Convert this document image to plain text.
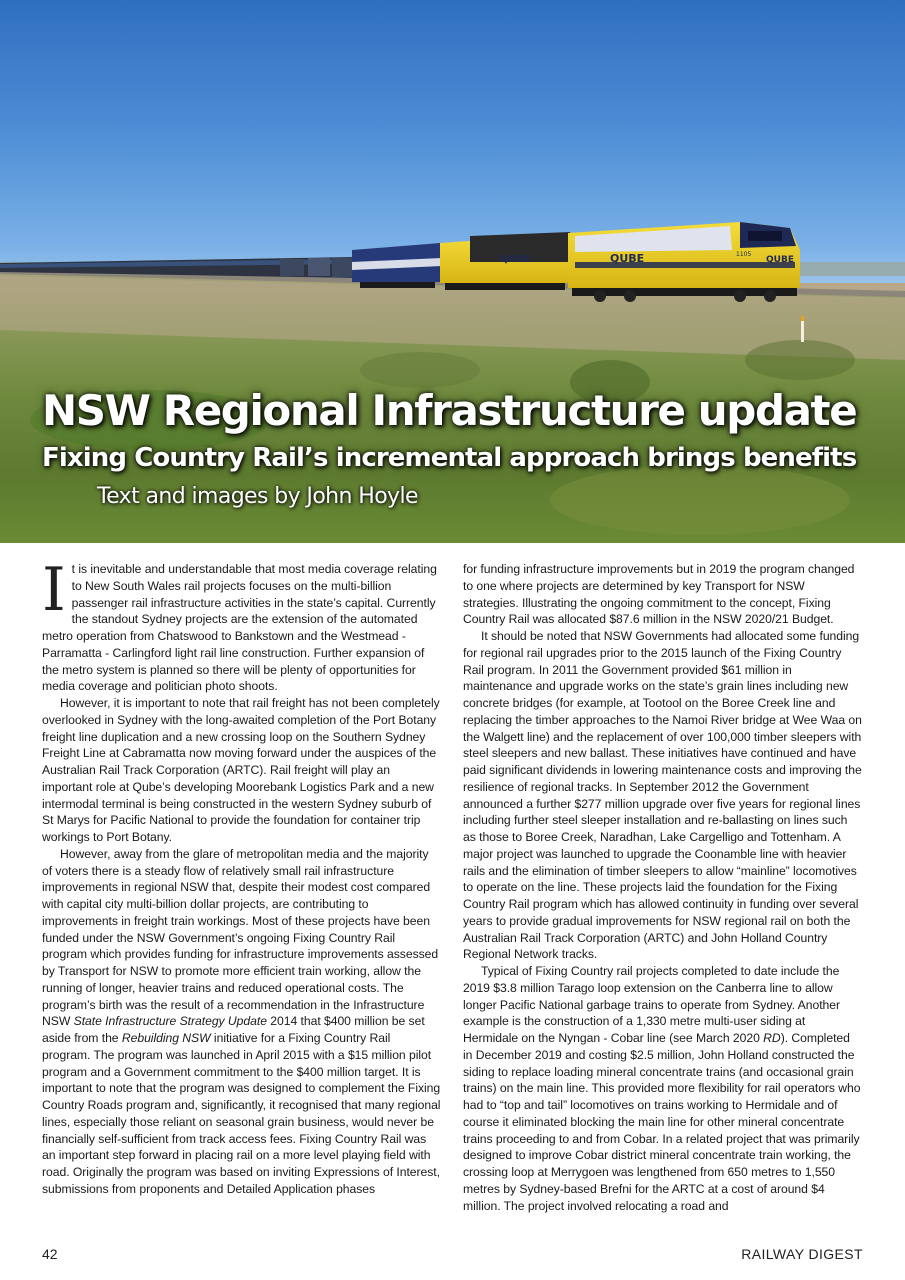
QUBE	QUBE	QUBE
1105
NSW Regional Infrastructure update
Fixing Country Rail’s incremental approach brings benefits

Text and images by John Hoyle

It is inevitable and understandable that most media coverage relating to New South Wales rail projects focuses on the multi-billion passenger rail infrastructure activities in the state’s capital. Currently the standout Sydney projects are the extension of the automated metro operation from Chatswood to Bankstown and the Westmead - Parramatta - Carlingford light rail line construction. Further expansion of the metro system is planned so there will be plenty of opportunities for media coverage and politician photo shoots.

However, it is important to note that rail freight has not been completely overlooked in Sydney with the long-awaited completion of the Port Botany freight line duplication and a new crossing loop on the Southern Sydney Freight Line at Cabramatta now moving forward under the auspices of the Australian Rail Track Corporation (ARTC). Rail freight will play an important role at Qube’s developing Moorebank Logistics Park and a new intermodal terminal is being constructed in the western Sydney suburb of St Marys for Pacific National to provide the foundation for container trip workings to Port Botany.

However, away from the glare of metropolitan media and the majority of voters there is a steady flow of relatively small rail infrastructure improvements in regional NSW that, despite their modest cost compared with capital city multi-billion dollar projects, are contributing to improvements in freight train workings. Most of these projects have been funded under the NSW Government’s ongoing Fixing Country Rail program which provides funding for infrastructure improvements assessed by Transport for NSW to promote more efficient train working, allow the running of longer, heavier trains and reduced operational costs. The program’s birth was the result of a recommendation in the Infrastructure NSW State Infrastructure Strategy Update 2014 that $400 million be set aside from the Rebuilding NSW initiative for a Fixing Country Rail program. The program was launched in April 2015 with a $15 million pilot program and a Government commitment to the $400 million target. It is important to note that the program was designed to complement the Fixing Country Roads program and, significantly, it recognised that many regional lines, especially those reliant on seasonal grain business, would never be financially self-sufficient from track access fees. Fixing Country Rail was an important step forward in placing rail on a more level playing field with road. Originally the program was based on inviting Expressions of Interest, submissions from proponents and Detailed Application phases

for funding infrastructure improvements but in 2019 the program changed to one where projects are determined by key Transport for NSW strategies. Illustrating the ongoing commitment to the concept, Fixing Country Rail was allocated $87.6 million in the NSW 2020/21 Budget.

It should be noted that NSW Governments had allocated some funding for regional rail upgrades prior to the 2015 launch of the Fixing Country Rail program. In 2011 the Government provided $61 million in maintenance and upgrade works on the state’s grain lines including new concrete bridges (for example, at Tootool on the Boree Creek line and replacing the timber approaches to the Namoi River bridge at Wee Waa on the Walgett line) and the replacement of over 100,000 timber sleepers with steel sleepers and new ballast. These initiatives have continued and have paid significant dividends in lowering maintenance costs and improving the resilience of regional tracks. In September 2012 the Government announced a further $277 million upgrade over five years for regional lines including further steel sleeper installation and re-ballasting on lines such as those to Boree Creek, Naradhan, Lake Cargelligo and Tottenham. A major project was launched to upgrade the Coonamble line with heavier rails and the elimination of timber sleepers to allow “mainline” locomotives to operate on the line. These projects laid the foundation for the Fixing Country Rail program which has allowed continuity in funding over several years to provide gradual improvements for NSW regional rail on both the Australian Rail Track Corporation (ARTC) and John Holland Country Regional Network tracks.

Typical of Fixing Country rail projects completed to date include the 2019 $3.8 million Tarago loop extension on the Canberra line to allow longer Pacific National garbage trains to operate from Sydney. Another example is the construction of a 1,330 metre multi-user siding at Hermidale on the Nyngan - Cobar line (see March 2020 RD). Completed in December 2019 and costing $2.5 million, John Holland constructed the siding to replace loading mineral concentrate trains (and occasional grain trains) on the main line. This provided more flexibility for rail operators who had to “top and tail” locomotives on trains working to Hermidale and of course it eliminated blocking the main line for other mineral concentrate trains proceeding to and from Cobar. In a related project that was primarily designed to improve Cobar district mineral concentrate train working, the crossing loop at Merrygoen was lengthened from 650 metres to 1,550 metres by Sydney-based Brefni for the ARTC at a cost of around $4 million. The project involved relocating a road and

42	RAILWAY DIGEST
